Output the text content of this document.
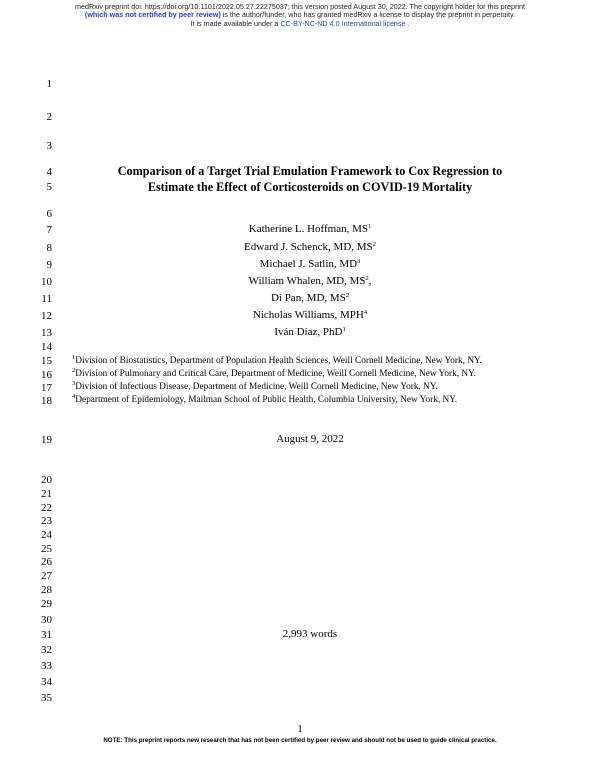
medRxiv preprint doi: https://doi.org/10.1101/2022.05.27.22275037; this version posted August 30, 2022. The copyright holder for this preprint
(which was not certified by peer review) is the author/funder, who has granted medRxiv a license to display the preprint in perpetuity.
It is made available under a CC-BY-NC-ND 4.0 International license .
1
2
3
4
5
6
7
8
9
10
11
12
13
14
15
16
17
18
19
20
21
22
23
24
25
26
27
28
29
30
31
32
33
34
35
Comparison of a Target Trial Emulation Framework to Cox Regression to
Estimate the Effect of Corticosteroids on COVID-19 Mortality
Katherine L. Hoffman, $MS^1$
Edward J. Schenck, MD, $MS^2$
Michael J. Satlin, $MD^3$
William Whalen, MD, $MS^2$,
Di Pan, MD, $MS^2$
Nicholas Williams, MPH$^4$
Iván Díaz, PhD$^1$
$^1$Division of Biostatistics, Department of Population Health Sciences, Weill Cornell Medicine, New York, NY.
$^2$Division of Pulmonary and Critical Care, Department of Medicine, Weill Cornell Medicine, New York, NY.
$^3$Division of Infectious Disease, Department of Medicine, Weill Cornell Medicine, New York, NY.
$^4$Department of Epidemiology, Mailman School of Public Health, Columbia University, New York, NY.
August 9, 2022
2,993 words
1
NOTE: This preprint reports new research that has not been certified by peer review and should not be used to guide clinical practice.
